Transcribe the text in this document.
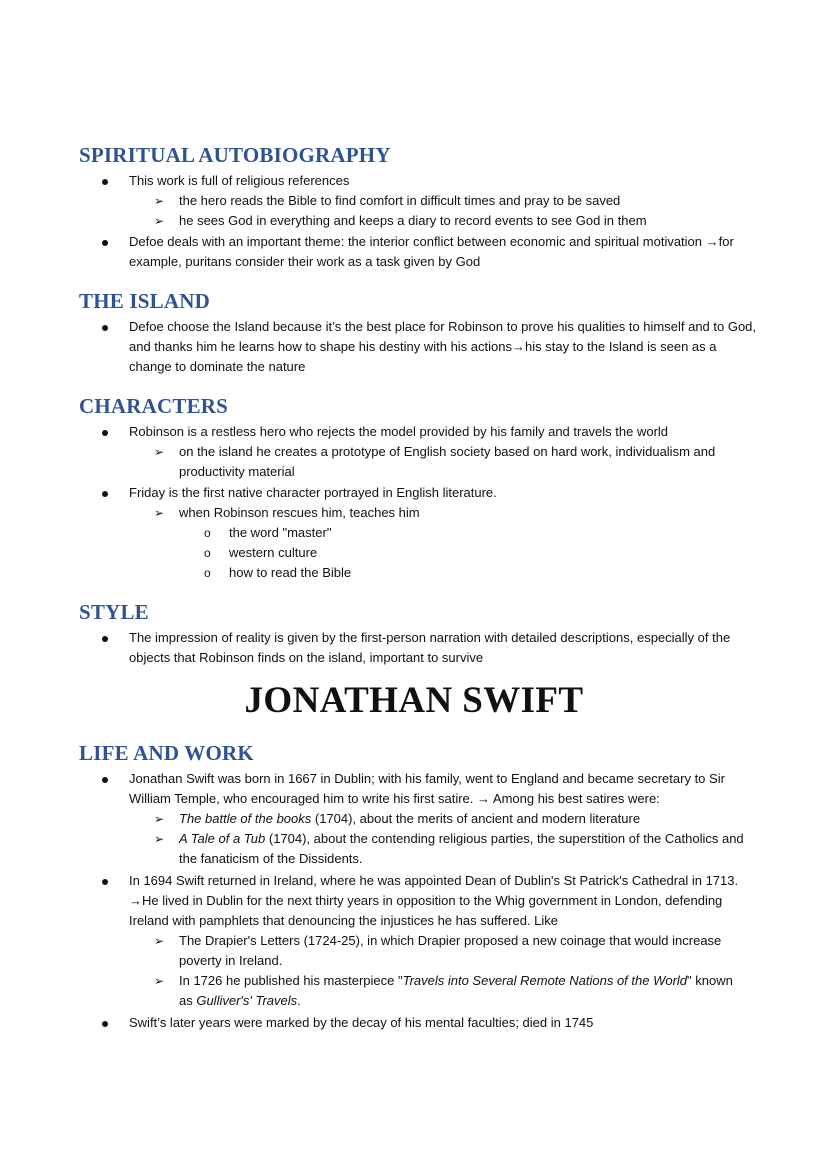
SPIRITUAL AUTOBIOGRAPHY
This work is full of religious references
➢ the hero reads the Bible to find comfort in difficult times and pray to be saved
➢ he sees God in everything and keeps a diary to record events to see God in them
Defoe deals with an important theme: the interior conflict between economic and spiritual motivation →for example, puritans consider their work as a task given by God
THE ISLAND
Defoe choose the Island because it’s the best place for Robinson to prove his qualities to himself and to God, and thanks him he learns how to shape his destiny with his actions→his stay to the Island is seen as a change to dominate the nature
CHARACTERS
Robinson is a restless hero who rejects the model provided by his family and travels the world
➢ on the island he creates a prototype of English society based on hard work, individualism and productivity material
Friday is the first native character portrayed in English literature.
➢ when Robinson rescues him, teaches him
o the word "master"
o western culture
o how to read the Bible
STYLE
The impression of reality is given by the first-person narration with detailed descriptions, especially of the objects that Robinson finds on the island, important to survive
JONATHAN SWIFT
LIFE AND WORK
Jonathan Swift was born in 1667 in Dublin; with his family, went to England and became secretary to Sir William Temple, who encouraged him to write his first satire. → Among his best satires were:
➢ The battle of the books (1704), about the merits of ancient and modern literature
➢ A Tale of a Tub (1704), about the contending religious parties, the superstition of the Catholics and the fanaticism of the Dissidents.
In 1694 Swift returned in Ireland, where he was appointed Dean of Dublin's St Patrick's Cathedral in 1713. →He lived in Dublin for the next thirty years in opposition to the Whig government in London, defending Ireland with pamphlets that denouncing the injustices he has suffered. Like
➢ The Drapier's Letters (1724-25), in which Drapier proposed a new coinage that would increase poverty in Ireland.
➢ In 1726 he published his masterpiece "Travels into Several Remote Nations of the World" known as Gulliver's' Travels.
Swift’s later years were marked by the decay of his mental faculties; died in 1745
